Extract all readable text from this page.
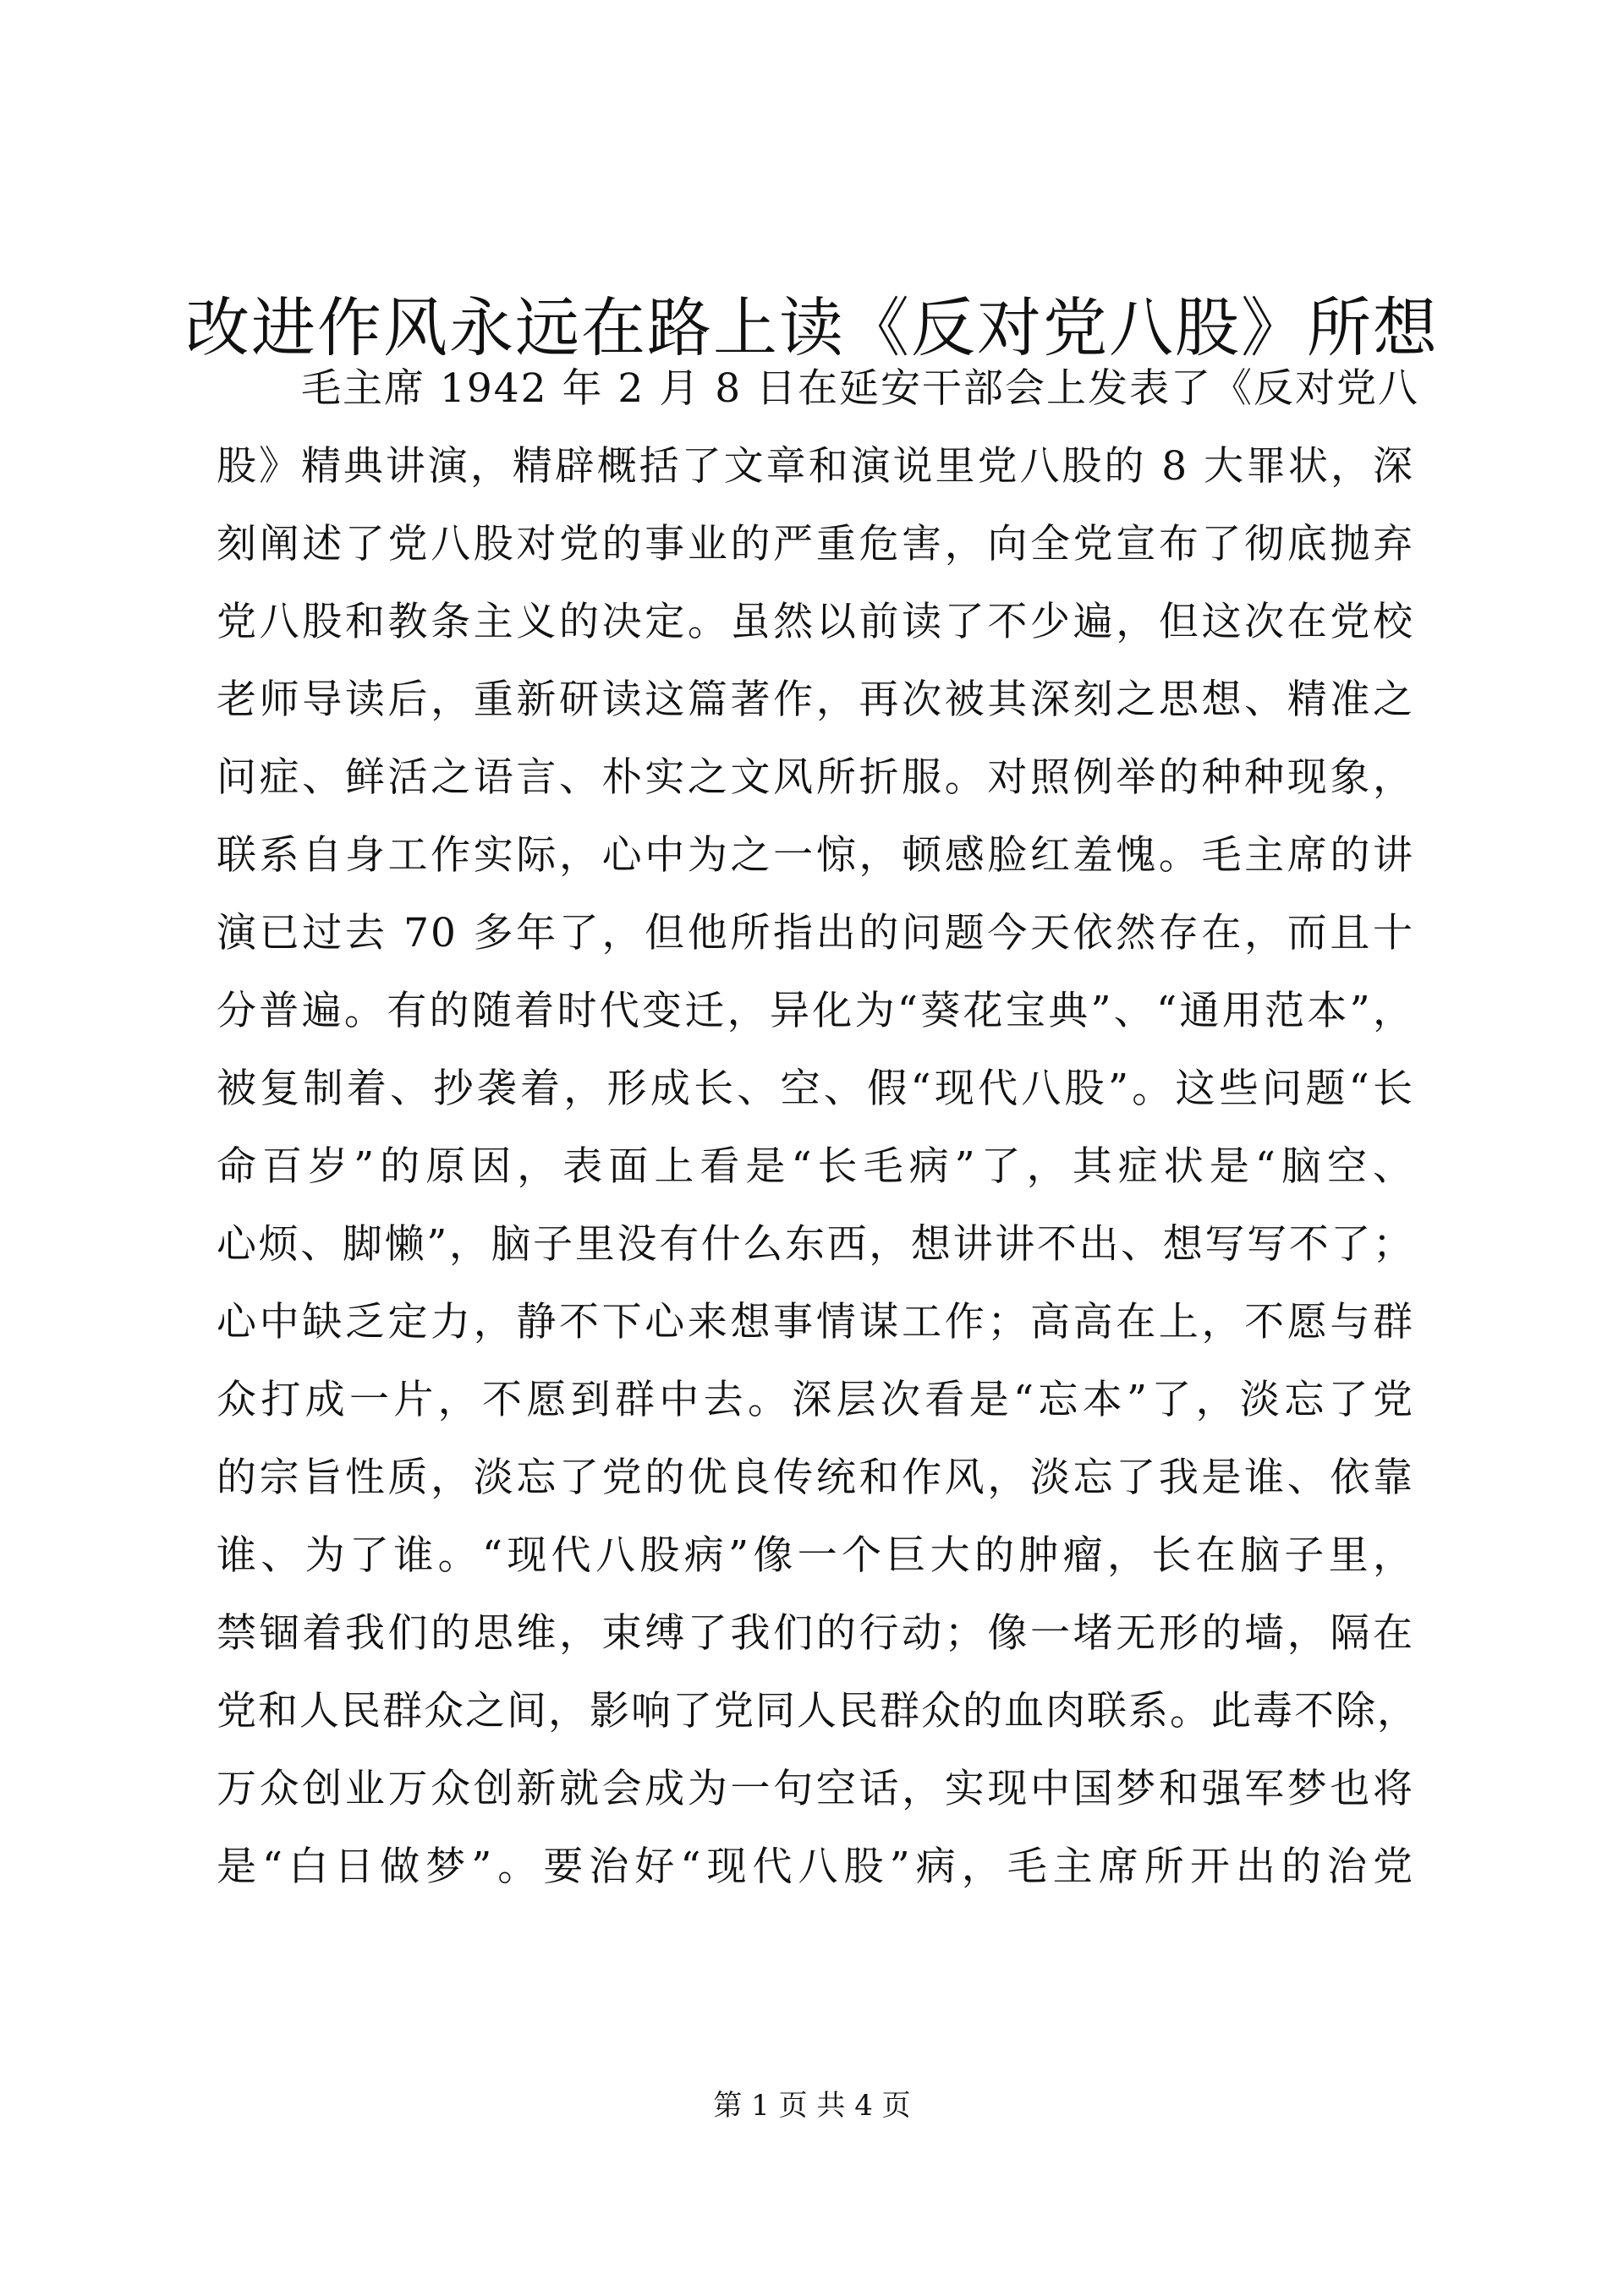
改进作风永远在路上读《反对党八股》所想
毛主席 1942 年 2 月 8 日在延安干部会上发表了《反对党八
股》精典讲演，精辟概括了文章和演说里党八股的 8 大罪状，深
刻阐述了党八股对党的事业的严重危害，向全党宣布了彻底抛弃
党八股和教条主义的决定。虽然以前读了不少遍，但这次在党校
老师导读后，重新研读这篇著作，再次被其深刻之思想、精准之
问症、鲜活之语言、朴实之文风所折服。对照例举的种种现象，
联系自身工作实际，心中为之一惊，顿感脸红羞愧。毛主席的讲
演已过去 70 多年了，但他所指出的问题今天依然存在，而且十
分普遍。有的随着时代变迁，异化为“葵花宝典”、“通用范本”，
被复制着、抄袭着，形成长、空、假“现代八股”。这些问题“长
命百岁”的原因，表面上看是“长毛病”了，其症状是“脑空、
心烦、脚懒”，脑子里没有什么东西，想讲讲不出、想写写不了；
心中缺乏定力，静不下心来想事情谋工作；高高在上，不愿与群
众打成一片，不愿到群中去。深层次看是“忘本”了，淡忘了党
的宗旨性质，淡忘了党的优良传统和作风，淡忘了我是谁、依靠
谁、为了谁。“现代八股病”像一个巨大的肿瘤，长在脑子里，
禁锢着我们的思维，束缚了我们的行动；像一堵无形的墙，隔在
党和人民群众之间，影响了党同人民群众的血肉联系。此毒不除，
万众创业万众创新就会成为一句空话，实现中国梦和强军梦也将
是“白日做梦”。要治好“现代八股”病，毛主席所开出的治党
第 1 页 共 4 页
